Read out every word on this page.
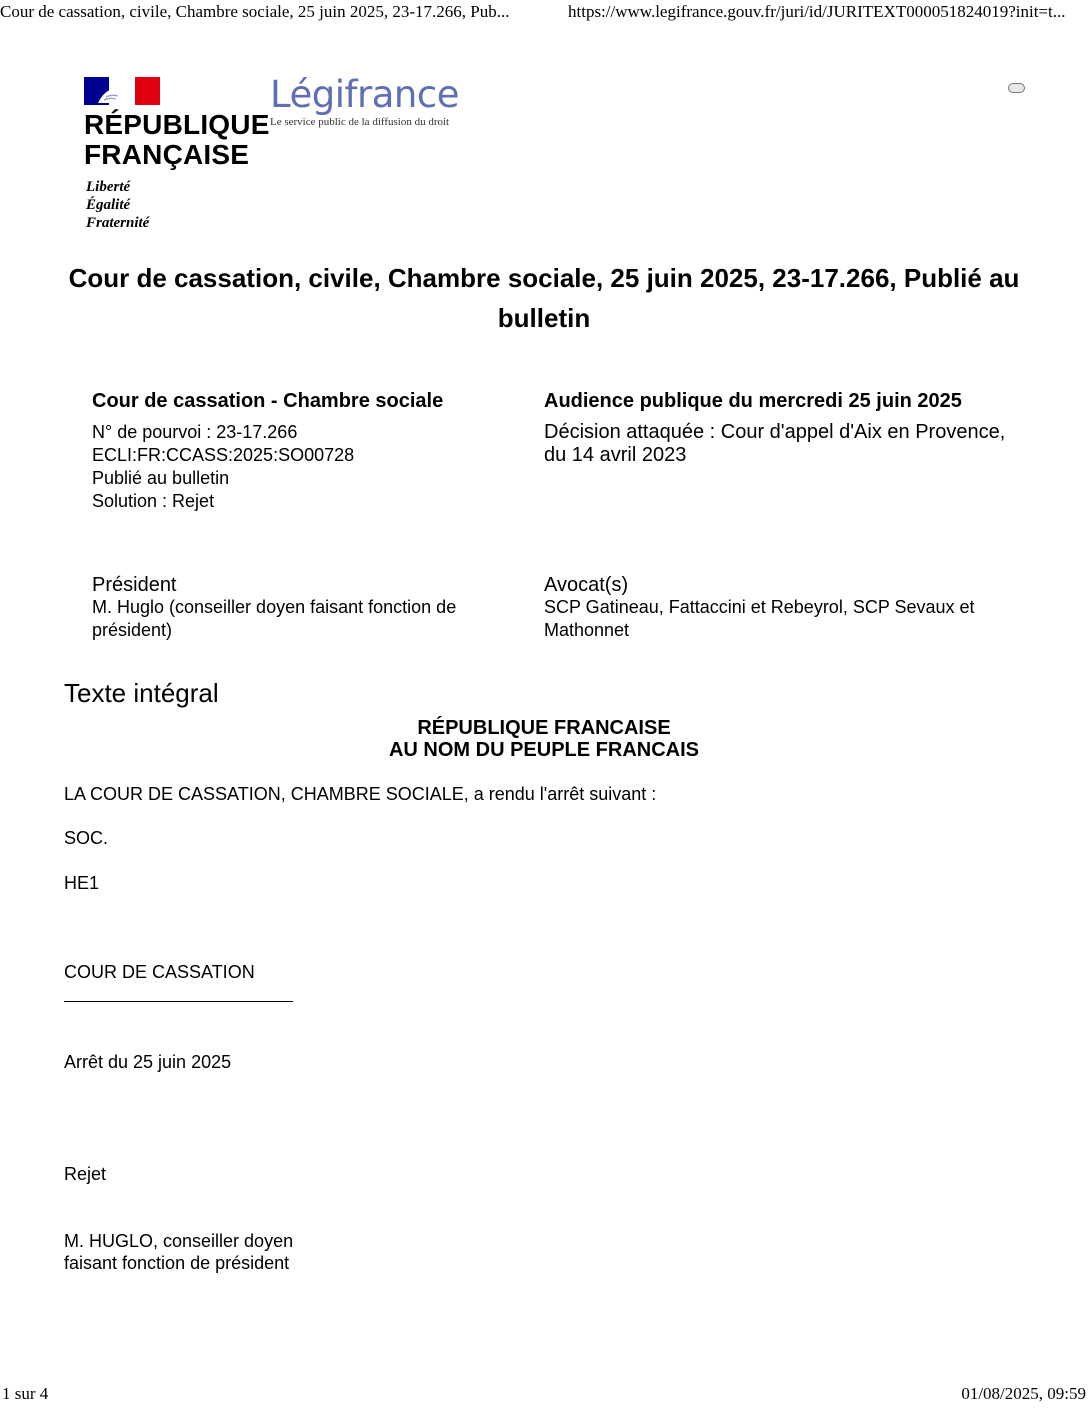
Cour de cassation, civile, Chambre sociale, 25 juin 2025, 23-17.266, Pub...	https://www.legifrance.gouv.fr/juri/id/JURITEXT000051824019?init=t...
RÉPUBLIQUE
FRANÇAISE
Liberté
Égalité
Fraternité
Légifrance
Le service public de la diffusion du droit
Cour de cassation, civile, Chambre sociale, 25 juin 2025, 23-17.266, Publié au bulletin
Cour de cassation - Chambre sociale
N° de pourvoi : 23-17.266
ECLI:FR:CCASS:2025:SO00728
Publié au bulletin
Solution : Rejet
Audience publique du mercredi 25 juin 2025
Décision attaquée : Cour d'appel d'Aix en Provence, du 14 avril 2023
Président
M. Huglo (conseiller doyen faisant fonction de président)
Avocat(s)
SCP Gatineau, Fattaccini et Rebeyrol, SCP Sevaux et Mathonnet
Texte intégral
RÉPUBLIQUE FRANCAISE
AU NOM DU PEUPLE FRANCAIS
LA COUR DE CASSATION, CHAMBRE SOCIALE, a rendu l'arrêt suivant :
SOC.
HE1
COUR DE CASSATION
Arrêt du 25 juin 2025
Rejet
M. HUGLO, conseiller doyen
faisant fonction de président
1 sur 4	01/08/2025, 09:59
